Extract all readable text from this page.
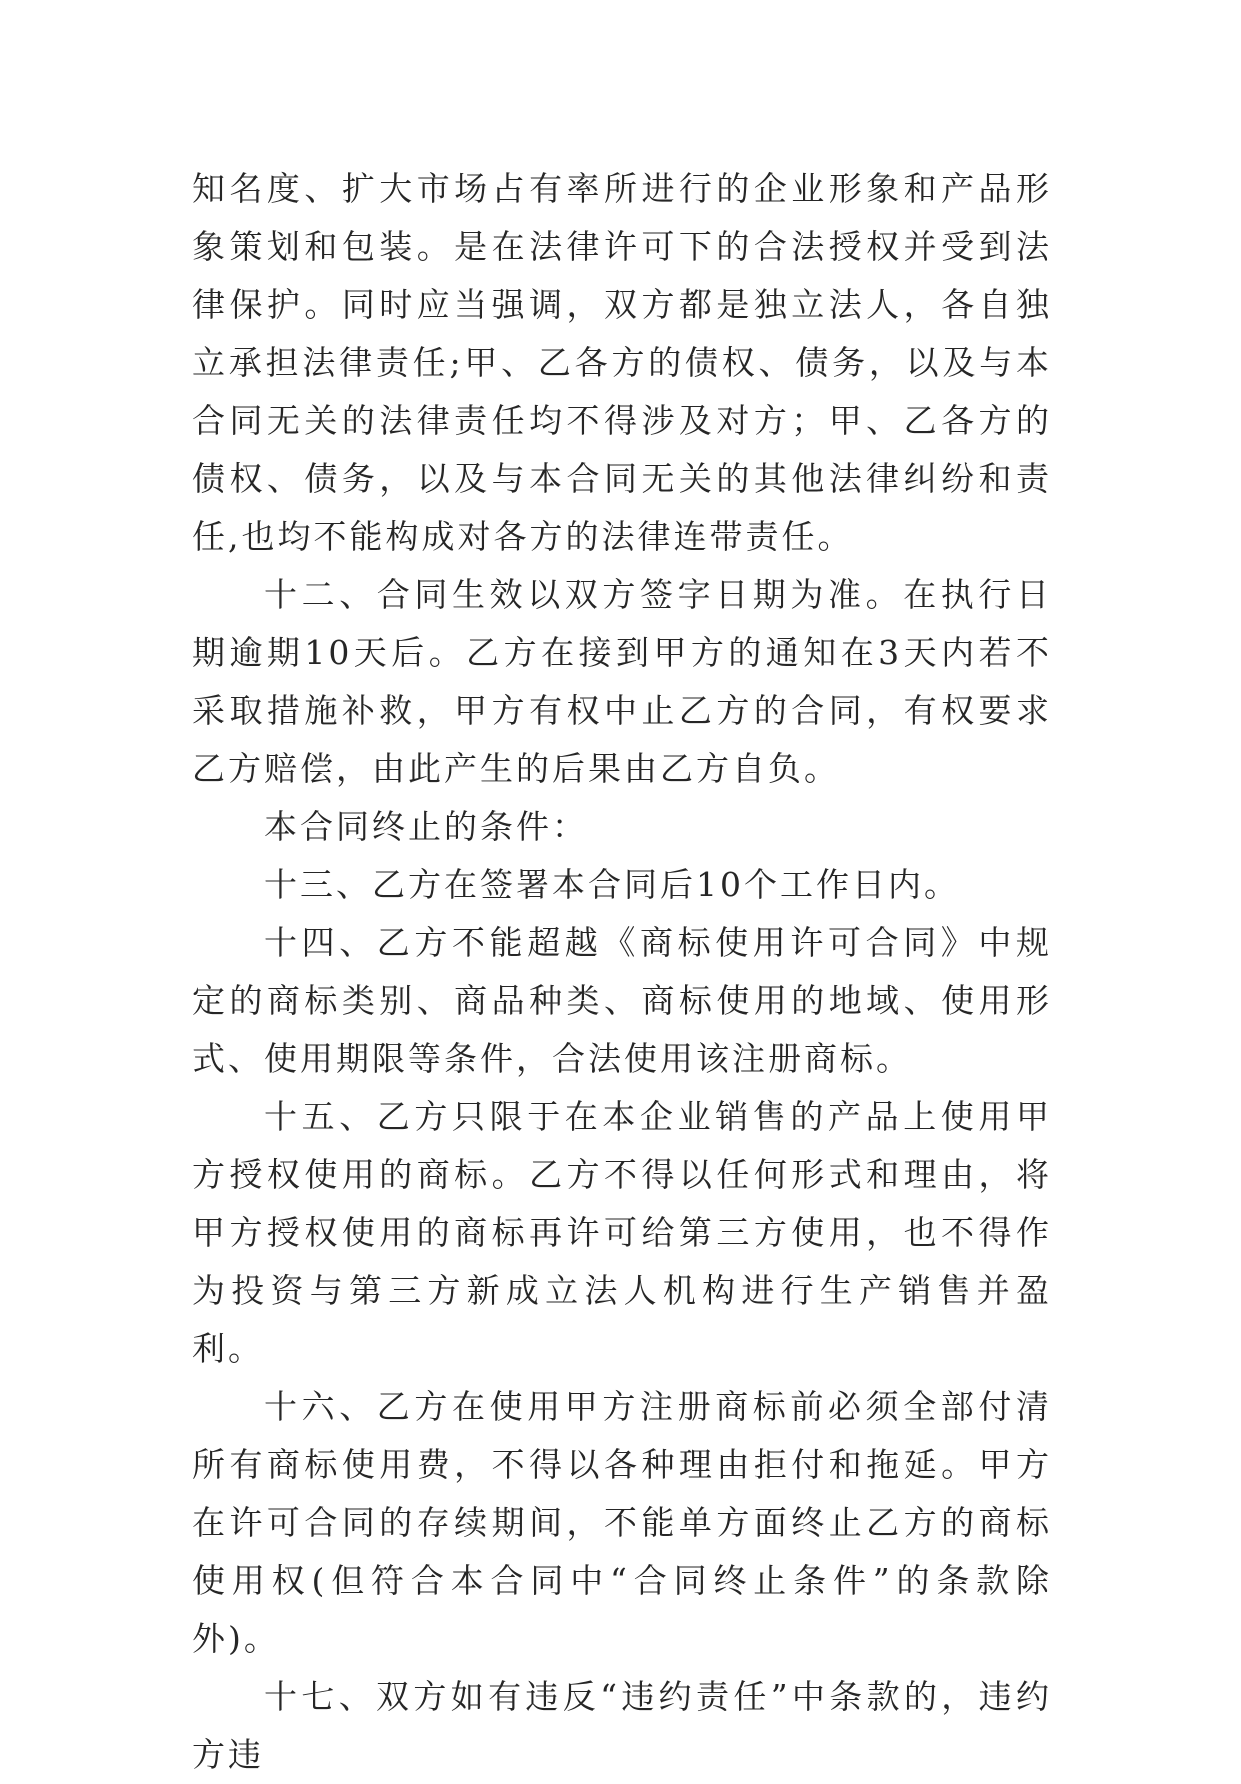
知名度、扩大市场占有率所进行的企业形象和产品形象策划和包装。是在法律许可下的合法授权并受到法律保护。同时应当强调，双方都是独立法人，各自独立承担法律责任;甲、乙各方的债权、债务，以及与本合同无关的法律责任均不得涉及对方；甲、乙各方的债权、债务，以及与本合同无关的其他法律纠纷和责任,也均不能构成对各方的法律连带责任。

十二、合同生效以双方签字日期为准。在执行日期逾期10天后。乙方在接到甲方的通知在3天内若不采取措施补救，甲方有权中止乙方的合同，有权要求乙方赔偿，由此产生的后果由乙方自负。

本合同终止的条件：

十三、乙方在签署本合同后10个工作日内。

十四、乙方不能超越《商标使用许可合同》中规定的商标类别、商品种类、商标使用的地域、使用形式、使用期限等条件，合法使用该注册商标。

十五、乙方只限于在本企业销售的产品上使用甲方授权使用的商标。乙方不得以任何形式和理由，将甲方授权使用的商标再许可给第三方使用，也不得作为投资与第三方新成立法人机构进行生产销售并盈利。

十六、乙方在使用甲方注册商标前必须全部付清所有商标使用费，不得以各种理由拒付和拖延。甲方在许可合同的存续期间，不能单方面终止乙方的商标使用权(但符合本合同中“合同终止条件”的条款除外)。

十七、双方如有违反“违约责任”中条款的，违约方违
